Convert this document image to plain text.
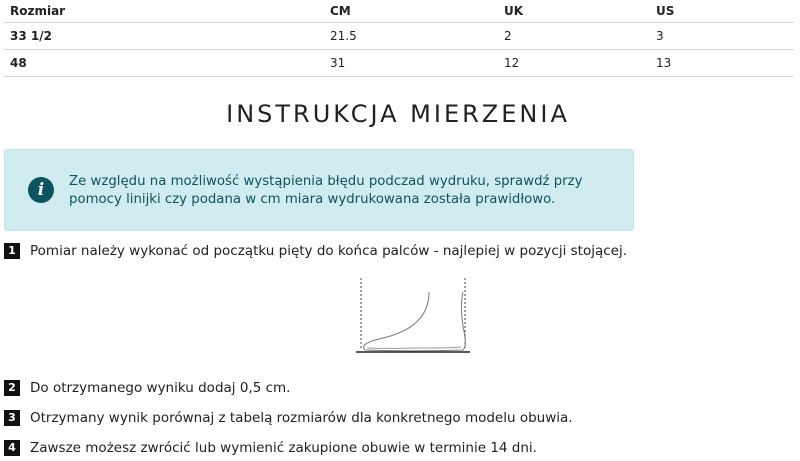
Rozmiar	CM	UK	US
33 1/2	21.5	2	3
48	31	12	13
INSTRUKCJA MIERZENIA
i	Ze względu na możliwość wystąpienia błędu podczad wydruku, sprawdź przy pomocy linijki czy podana w cm miara wydrukowana została prawidłowo.
1 Pomiar należy wykonać od początku pięty do końca palców - najlepiej w pozycji stojącej.
2 Do otrzymanego wyniku dodaj 0,5 cm.
3 Otrzymany wynik porównaj z tabelą rozmiarów dla konkretnego modelu obuwia.
4 Zawsze możesz zwrócić lub wymienić zakupione obuwie w terminie 14 dni.
